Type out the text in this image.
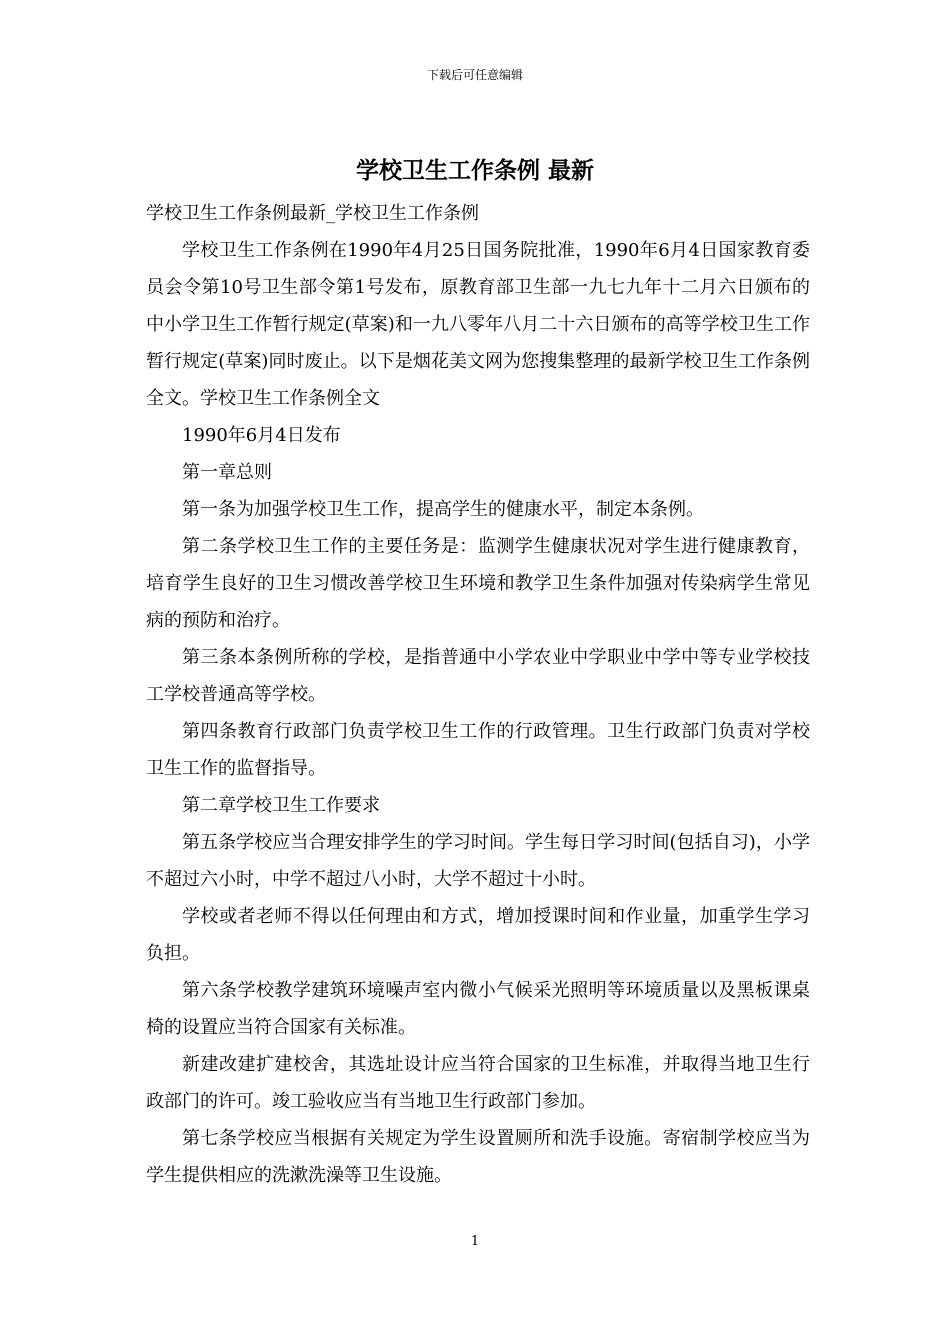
下载后可任意编辑
学校卫生工作条例 最新

学校卫生工作条例最新_学校卫生工作条例

学校卫生工作条例在1990年4月25日国务院批准，1990年6月4日国家教育委员会令第10号卫生部令第1号发布，原教育部卫生部一九七九年十二月六日颁布的中小学卫生工作暂行规定(草案)和一九八零年八月二十六日颁布的高等学校卫生工作暂行规定(草案)同时废止。以下是烟花美文网为您搜集整理的最新学校卫生工作条例全文。学校卫生工作条例全文

1990年6月4日发布

第一章总则

第一条为加强学校卫生工作，提高学生的健康水平，制定本条例。

第二条学校卫生工作的主要任务是：监测学生健康状况对学生进行健康教育，培育学生良好的卫生习惯改善学校卫生环境和教学卫生条件加强对传染病学生常见病的预防和治疗。

第三条本条例所称的学校，是指普通中小学农业中学职业中学中等专业学校技工学校普通高等学校。

第四条教育行政部门负责学校卫生工作的行政管理。卫生行政部门负责对学校卫生工作的监督指导。

第二章学校卫生工作要求

第五条学校应当合理安排学生的学习时间。学生每日学习时间(包括自习)，小学不超过六小时，中学不超过八小时，大学不超过十小时。

学校或者老师不得以任何理由和方式，增加授课时间和作业量，加重学生学习负担。

第六条学校教学建筑环境噪声室内微小气候采光照明等环境质量以及黑板课桌椅的设置应当符合国家有关标准。

新建改建扩建校舍，其选址设计应当符合国家的卫生标准，并取得当地卫生行政部门的许可。竣工验收应当有当地卫生行政部门参加。

第七条学校应当根据有关规定为学生设置厕所和洗手设施。寄宿制学校应当为学生提供相应的洗漱洗澡等卫生设施。

1
